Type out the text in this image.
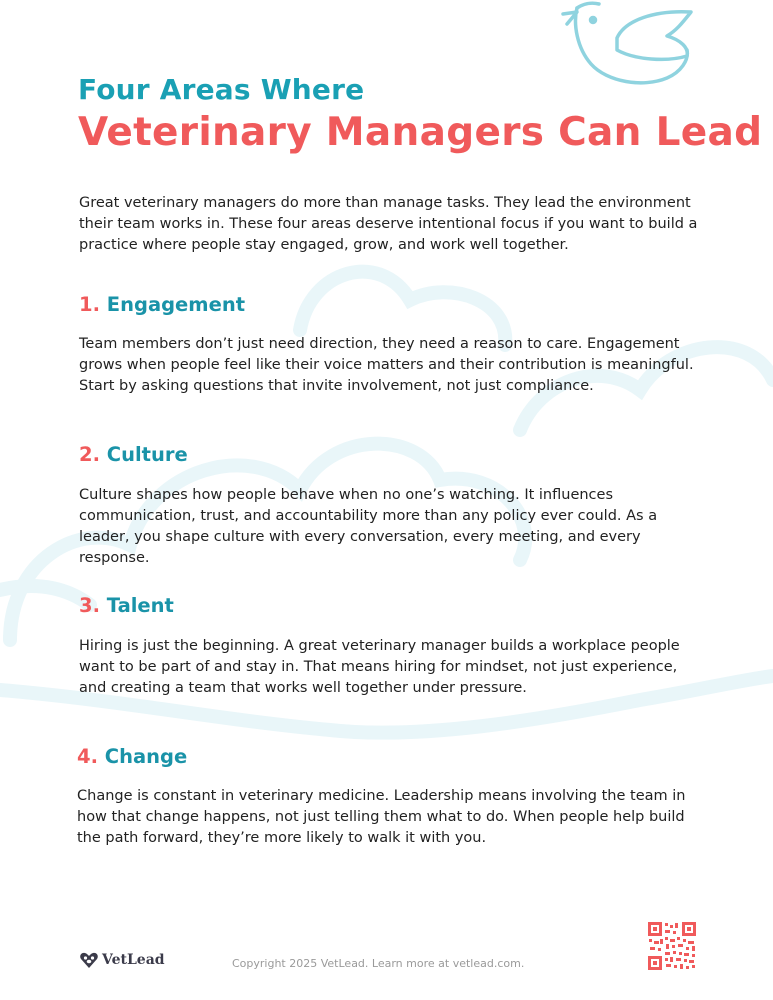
Four Areas Where
Veterinary Managers Can Lead

Great veterinary managers do more than manage tasks. They lead the environment their team works in. These four areas deserve intentional focus if you want to build a practice where people stay engaged, grow, and work well together.

1. Engagement

Team members don’t just need direction, they need a reason to care. Engagement grows when people feel like their voice matters and their contribution is meaningful. Start by asking questions that invite involvement, not just compliance.

2. Culture

Culture shapes how people behave when no one’s watching. It influences communication, trust, and accountability more than any policy ever could. As a leader, you shape culture with every conversation, every meeting, and every response.

3. Talent

Hiring is just the beginning. A great veterinary manager builds a workplace people want to be part of and stay in. That means hiring for mindset, not just experience, and creating a team that works well together under pressure.

4. Change

Change is constant in veterinary medicine. Leadership means involving the team in how that change happens, not just telling them what to do. When people help build the path forward, they’re more likely to walk it with you.

VetLead	Copyright 2025 VetLead. Learn more at vetlead.com.
